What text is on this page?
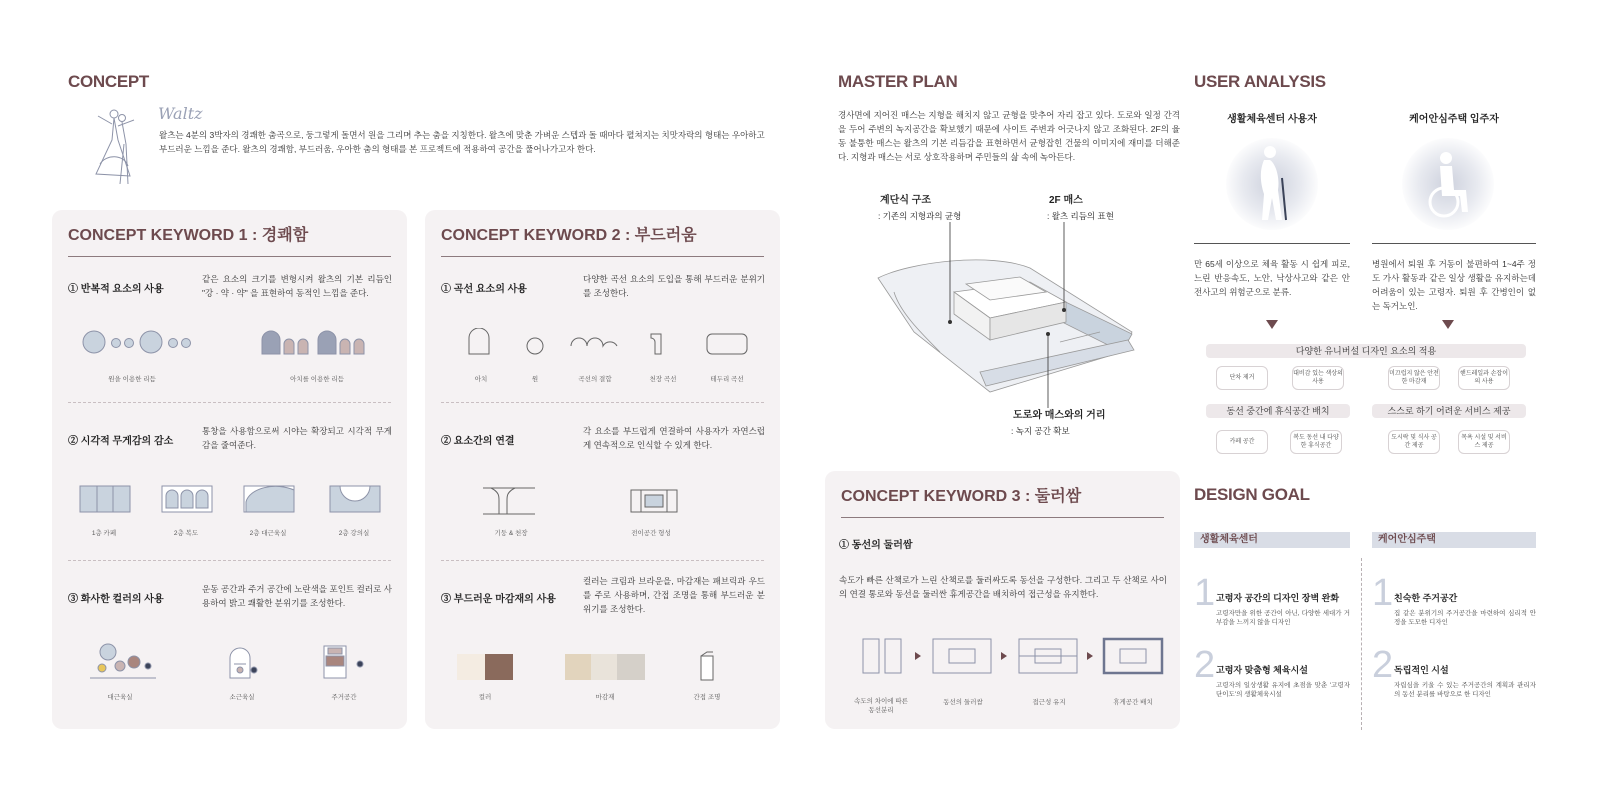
CONCEPT
Waltz
왈츠는 4분의 3박자의 경쾌한 춤곡으로, 둥그렇게 돌면서 원을 그리며 추는 춤을 지칭한다. 왈츠에 맞춘 가벼운 스텝과 돌 때마다 펼쳐지는 치맛자락의 형태는 우아하고 부드러운 느낌을 준다. 왈츠의 경쾌함, 부드러움, 우아한 춤의 형태를 본 프로젝트에 적용하여 공간을 풀어나가고자 한다.
CONCEPT KEYWORD 1 : 경쾌함
① 반복적 요소의 사용
같은 요소의 크기를 변형시켜 왈츠의 기본 리듬인 "강 · 약 · 약" 을 표현하여 동적인 느낌을 준다.
원을 이용한 리듬	아치를 이용한 리듬
② 시각적 무게감의 감소
통창을 사용함으로써 시야는 확장되고 시각적 무게감을 줄여준다.
1층 카페	2층 복도	2층 대근육실	2층 강의실
③ 화사한 컬러의 사용
운동 공간과 주거 공간에 노란색을 포인트 컬러로 사용하여 밝고 쾌활한 분위기를 조성한다.
대근육실	소근육실	주거공간
CONCEPT KEYWORD 2 : 부드러움
① 곡선 요소의 사용
다양한 곡선 요소의 도입을 통해 부드러운 분위기를 조성한다.
아치	원	곡선의 결합	천장 곡선	테두리 곡선
② 요소간의 연결
각 요소를 부드럽게 연결하여 사용자가 자연스럽게 연속적으로 인식할 수 있게 한다.
기둥 & 천장	전이공간 형성
③ 부드러운 마감재의 사용
컬러는 크림과 브라운을, 마감재는 패브릭과 우드를 주로 사용하며, 간접 조명을 통해 부드러운 분위기를 조성한다.
컬러	마감재	간접 조명
MASTER PLAN
경사면에 지어진 매스는 지형을 해치지 않고 균형을 맞추어 자리 잡고 있다. 도로와 일정 간격을 두어 주변의 녹지공간을 확보했기 때문에 사이트 주변과 어긋나지 않고 조화된다. 2F의 율동 불퉁한 매스는 왈츠의 기본 리듬감을 표현하면서 균형잡힌 건물의 이미지에 재미를 더해준다. 지형과 매스는 서로 상호작용하며 주민들의 삶 속에 녹아든다.
계단식 구조
: 기존의 지형과의 균형
2F 매스
: 왈츠 리듬의 표현
도로와 매스와의 거리
: 녹지 공간 확보
CONCEPT KEYWORD 3 : 둘러쌈
① 동선의 둘러쌈
속도가 빠른 산책로가 느린 산책로를 둘러싸도록 동선을 구성한다. 그리고 두 산책로 사이의 연결 통로와 동선을 둘러싼 휴게공간을 배치하여 접근성을 유지한다.
속도의 차이에 따른 동선분리
동선의 둘러쌈	접근성 유지	휴게공간 배치
USER ANALYSIS
생활체육센터 사용자
만 65세 이상으로 체육 활동 시 쉽게 피로, 느린 반응속도, 노안, 낙상사고와 같은 안전사고의 위험군으로 분류.
케어안심주택 입주자
병원에서 퇴원 후 거동이 불편하여 1~4주 정도 가사 활동과 같은 일상 생활을 유지하는데 어려움이 있는 고령자. 퇴원 후 간병인이 없는 독거노인.
다양한 유니버설 디자인 요소의 적용
단차 제거
대비감 있는 색상의 사용
미끄럽지 않은 안전한 마감재
핸드레일과 손잡이의 사용
동선 중간에 휴식공간 배치	스스로 하기 어려운 서비스 제공
카페 공간
복도 동선 내 다양한 휴식공간
도시락 및 식사 공간 제공
목욕 시설 및 서비스 제공
DESIGN GOAL
생활체육센터	케어안심주택
1 고령자 공간의 디자인 장벽 완화
고령자만을 위한 공간이 아닌, 다양한 세대가 거부감을 느끼지 않을 디자인
2 고령자 맞춤형 체육시설
고령자의 일상생활 유지에 초점을 맞춘 '고령자 단이도'의 생활체육시설
1 친숙한 주거공간
집 같은 분위기의 주거공간을 마련하여 심리적 안정을 도모한 디자인
2 독립적인 시설
자립심을 키울 수 있는 주거공간의 계획과 관리자의 동선 분리를 바탕으로 한 디자인
